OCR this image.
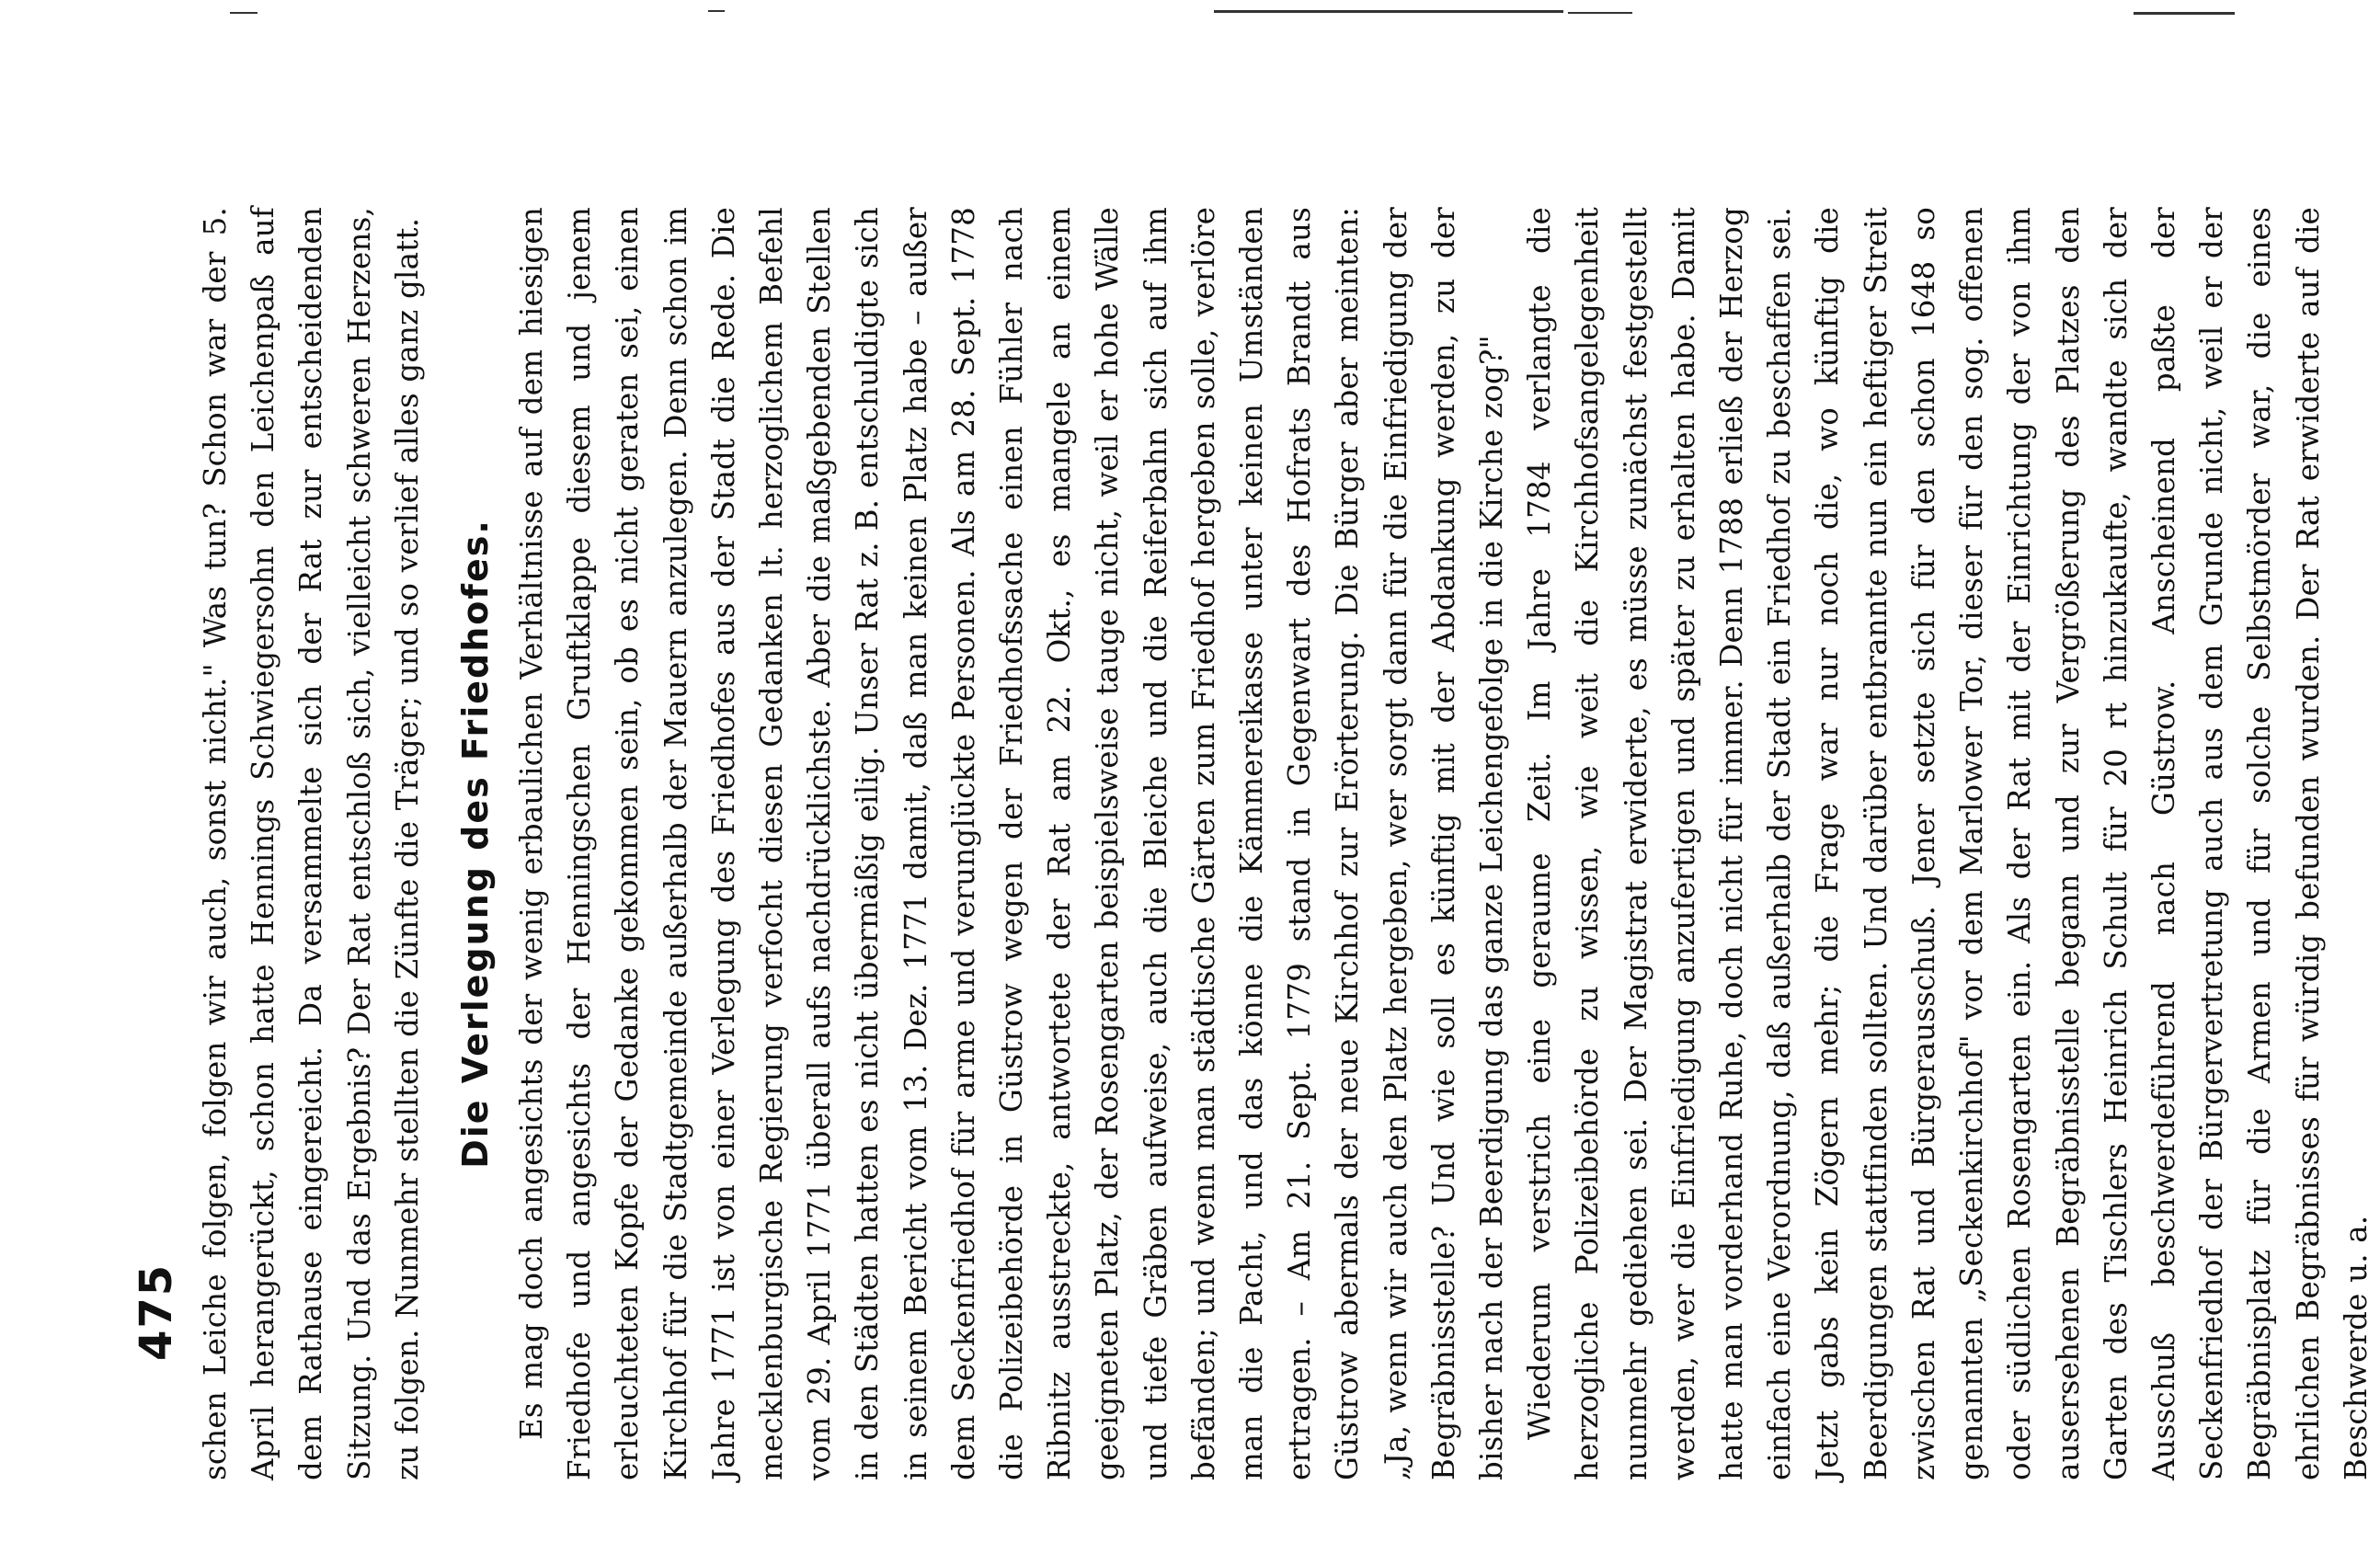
schen Leiche folgen, folgen wir auch, sonst nicht." Was tun? Schon war der 5. April herangerückt, schon hatte Hennings Schwiegersohn den Leichenpaß auf dem Rathause eingereicht. Da versammelte sich der Rat zur entscheidenden Sitzung. Und das Ergebnis? Der Rat entschloß sich, vielleicht schweren Herzens, zu folgen. Nunmehr stellten die Zünfte die Träger; und so verlief alles ganz glatt. Die Verlegung des Friedhofes. Es mag doch angesichts der wenig erbaulichen Verhältnisse auf dem hiesigen Friedhofe und angesichts der Henningschen Gruftklappe diesem und jenem erleuchteten Kopfe der Gedanke gekommen sein, ob es nicht geraten sei, einen Kirchhof für die Stadtgemeinde außerhalb der Mauern anzulegen. Denn schon im Jahre 1771 ist von einer Verlegung des Friedhofes aus der Stadt die Rede. Die mecklenburgische Regierung verfocht diesen Gedanken lt. herzoglichem Befehl vom 29. April 1771 überall aufs nachdrücklichste. Aber die maßgebenden Stellen in den Städten hatten es nicht übermäßig eilig. Unser Rat z. B. entschuldigte sich in seinem Bericht vom 13. Dez. 1771 damit, daß man keinen Platz habe – außer dem Seckenfriedhof für arme und verunglückte Personen. Als am 28. Sept. 1778 die Polizeibehörde in Güstrow wegen der Friedhofssache einen Fühler nach Ribnitz ausstreckte, antwortete der Rat am 22. Okt., es mangele an einem geeigneten Platz, der Rosengarten beispielsweise tauge nicht, weil er hohe Wälle und tiefe Gräben aufweise, auch die Bleiche und die Reiferbahn sich auf ihm befänden; und wenn man städtische Gärten zum Friedhof hergeben solle, verlöre man die Pacht, und das könne die Kämmereikasse unter keinen Umständen ertragen. – Am 21. Sept. 1779 stand in Gegenwart des Hofrats Brandt aus Güstrow abermals der neue Kirchhof zur Erörterung. Die Bürger aber meinten: „Ja, wenn wir auch den Platz hergeben, wer sorgt dann für die Einfriedigung der Begräbnisstelle? Und wie soll es künftig mit der Abdankung werden, zu der bisher nach der Beerdigung das ganze Leichengefolge in die Kirche zog?" Wiederum verstrich eine geraume Zeit. Im Jahre 1784 verlangte die herzogliche Polizeibehörde zu wissen, wie weit die Kirchhofsangelegenheit nunmehr gediehen sei. Der Magistrat erwiderte, es müsse zunächst festgestellt werden, wer die Einfriedigung anzufertigen und später zu erhalten habe. Damit hatte man vorderhand Ruhe, doch nicht für immer. Denn 1788 erließ der Herzog einfach eine Verordnung, daß außerhalb der Stadt ein Friedhof zu beschaffen sei. Jetzt gabs kein Zögern mehr; die Frage war nur noch die, wo künftig die Beerdigungen stattfinden sollten. Und darüber entbrannte nun ein heftiger Streit zwischen Rat und Bürgerausschuß. Jener setzte sich für den schon 1648 so genannten „Seckenkirchhof" vor dem Marlower Tor, dieser für den sog. offenen oder südlichen Rosengarten ein. Als der Rat mit der Einrichtung der von ihm ausersehenen Begräbnisstelle begann und zur Vergrößerung des Platzes den Garten des Tischlers Heinrich Schult für 20 rt hinzukaufte, wandte sich der Ausschuß beschwerdeführend nach Güstrow. Anscheinend paßte der Seckenfriedhof der Bürgervertretung auch aus dem Grunde nicht, weil er der Begräbnisplatz für die Armen und für solche Selbstmörder war, die eines ehrlichen Begräbnisses für würdig befunden wurden. Der Rat erwiderte auf die Beschwerde u. a.

475
